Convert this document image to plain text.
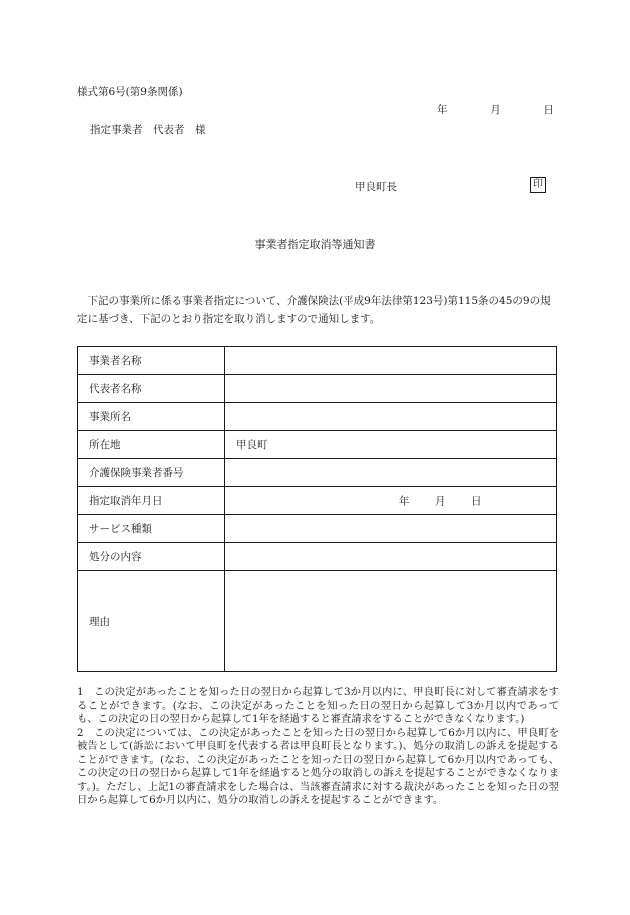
様式第6号(第9条関係)
年	月	日
指定事業者　代表者　様
甲良町長	印
事業者指定取消等通知書
　下記の事業所に係る事業者指定について、介護保険法(平成9年法律第123号)第115条の45の9の規定に基づき、下記のとおり指定を取り消しますので通知します。
事業者名称	
代表者名称	
事業所名	
所在地	甲良町
介護保険事業者番号	
指定取消年月日	年 月 日

サービス種類	
処分の内容	
理由	

1　この決定があったことを知った日の翌日から起算して3か月以内に、甲良町長に対して審査請求をすることができます。(なお、この決定があったことを知った日の翌日から起算して3か月以内であっても、この決定の日の翌日から起算して1年を経過すると審査請求をすることができなくなります。)

2　この決定については、この決定があったことを知った日の翌日から起算して6か月以内に、甲良町を被告として(訴訟において甲良町を代表する者は甲良町長となります。)、処分の取消しの訴えを提起することができます。(なお、この決定があったことを知った日の翌日から起算して6か月以内であっても、この決定の日の翌日から起算して1年を経過すると処分の取消しの訴えを提起することができなくなります。)。ただし、上記1の審査請求をした場合は、当該審査請求に対する裁決があったことを知った日の翌日から起算して6か月以内に、処分の取消しの訴えを提起することができます。
